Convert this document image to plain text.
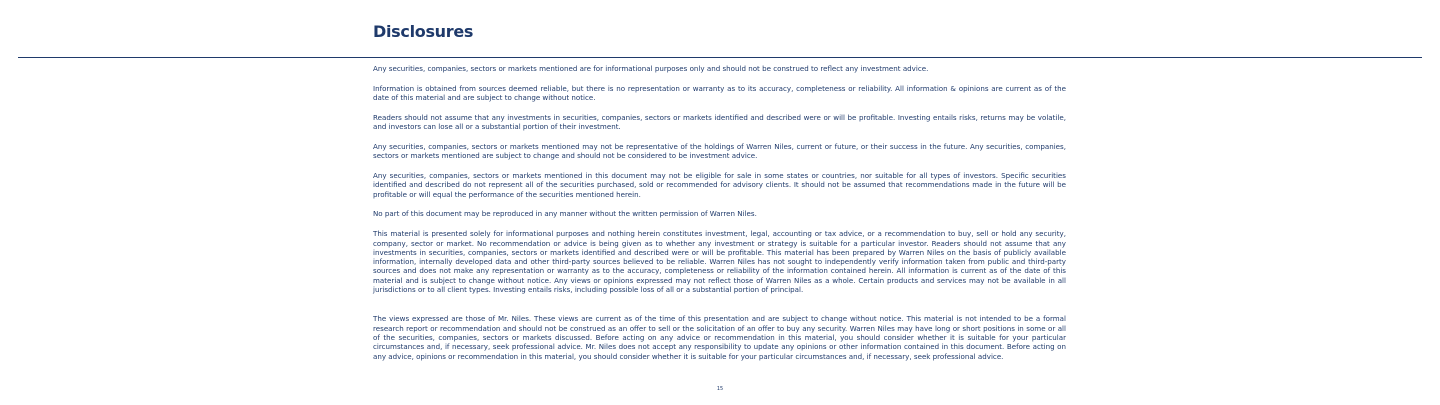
Disclosures

Any securities, companies, sectors or markets mentioned are for informational purposes only and should not be construed to reflect any investment advice.

Information is obtained from sources deemed reliable, but there is no representation or warranty as to its accuracy, completeness or reliability. All information & opinions are current as of the date of this material and are subject to change without notice.

Readers should not assume that any investments in securities, companies, sectors or markets identified and described were or will be profitable. Investing entails risks, returns may be volatile, and investors can lose all or a substantial portion of their investment.

Any securities, companies, sectors or markets mentioned may not be representative of the holdings of Warren Niles, current or future, or their success in the future. Any securities, companies, sectors or markets mentioned are subject to change and should not be considered to be investment advice.

Any securities, companies, sectors or markets mentioned in this document may not be eligible for sale in some states or countries, nor suitable for all types of investors. Specific securities identified and described do not represent all of the securities purchased, sold or recommended for advisory clients. It should not be assumed that recommendations made in the future will be profitable or will equal the performance of the securities mentioned herein.

No part of this document may be reproduced in any manner without the written permission of Warren Niles.

This material is presented solely for informational purposes and nothing herein constitutes investment, legal, accounting or tax advice, or a recommendation to buy, sell or hold any security, company, sector or market. No recommendation or advice is being given as to whether any investment or strategy is suitable for a particular investor. Readers should not assume that any investments in securities, companies, sectors or markets identified and described were or will be profitable. This material has been prepared by Warren Niles on the basis of publicly available information, internally developed data and other third-party sources believed to be reliable. Warren Niles has not sought to independently verify information taken from public and third-party sources and does not make any representation or warranty as to the accuracy, completeness or reliability of the information contained herein. All information is current as of the date of this material and is subject to change without notice. Any views or opinions expressed may not reflect those of Warren Niles as a whole. Certain products and services may not be available in all jurisdictions or to all client types. Investing entails risks, including possible loss of all or a substantial portion of principal.

The views expressed are those of Mr. Niles. These views are current as of the time of this presentation and are subject to change without notice. This material is not intended to be a formal research report or recommendation and should not be construed as an offer to sell or the solicitation of an offer to buy any security. Warren Niles may have long or short positions in some or all of the securities, companies, sectors or markets discussed. Before acting on any advice or recommendation in this material, you should consider whether it is suitable for your particular circumstances and, if necessary, seek professional advice. Mr. Niles does not accept any responsibility to update any opinions or other information contained in this document. Before acting on any advice, opinions or recommendation in this material, you should consider whether it is suitable for your particular circumstances and, if necessary, seek professional advice.

15
